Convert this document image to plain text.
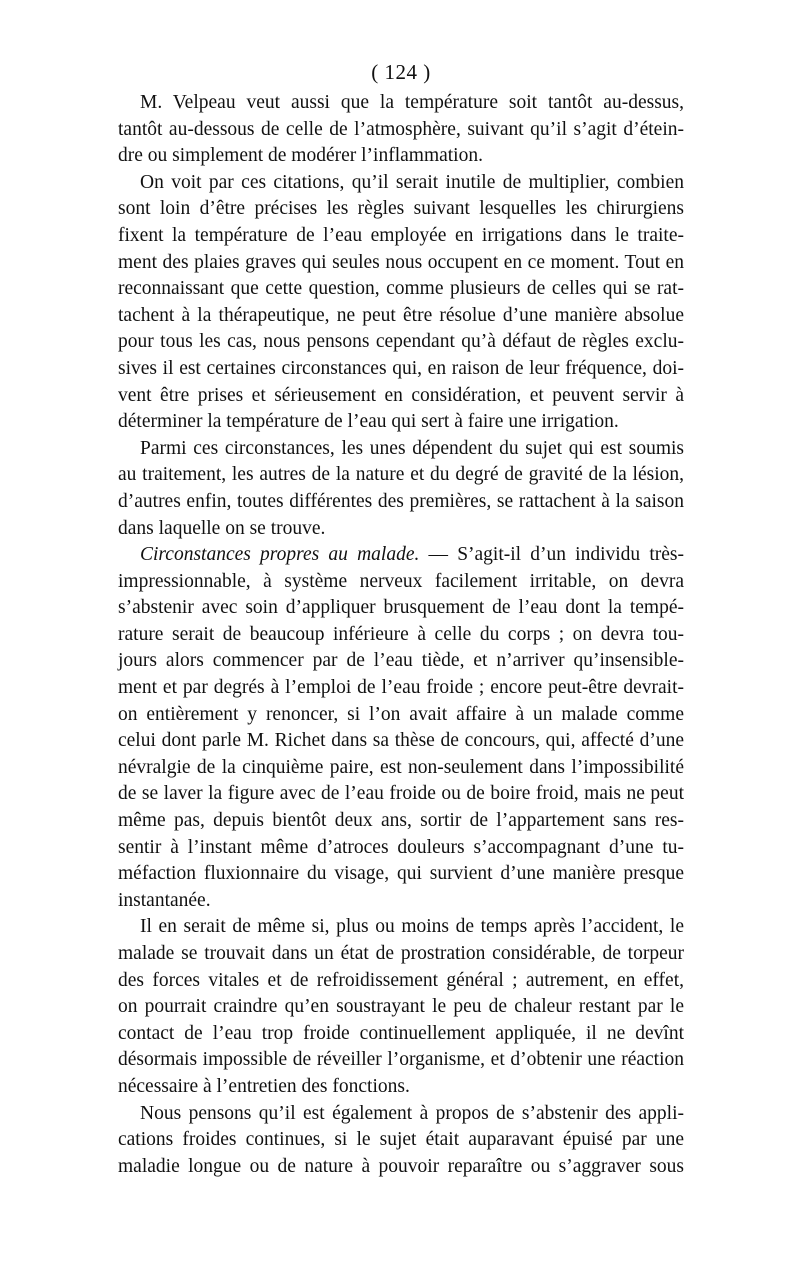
( 124 )

M. Velpeau veut aussi que la température soit tantôt au-dessus,
tantôt au-dessous de celle de l’atmosphère, suivant qu’il s’agit d’étein-
dre ou simplement de modérer l’inflammation.

On voit par ces citations, qu’il serait inutile de multiplier, combien
sont loin d’être précises les règles suivant lesquelles les chirurgiens
fixent la température de l’eau employée en irrigations dans le traite-
ment des plaies graves qui seules nous occupent en ce moment. Tout en
reconnaissant que cette question, comme plusieurs de celles qui se rat-
tachent à la thérapeutique, ne peut être résolue d’une manière absolue
pour tous les cas, nous pensons cependant qu’à défaut de règles exclu-
sives il est certaines circonstances qui, en raison de leur fréquence, doi-
vent être prises et sérieusement en considération, et peuvent servir à
déterminer la température de l’eau qui sert à faire une irrigation.

Parmi ces circonstances, les unes dépendent du sujet qui est soumis
au traitement, les autres de la nature et du degré de gravité de la lésion,
d’autres enfin, toutes différentes des premières, se rattachent à la saison
dans laquelle on se trouve.

Circonstances propres au malade. — S’agit-il d’un individu très-
impressionnable, à système nerveux facilement irritable, on devra
s’abstenir avec soin d’appliquer brusquement de l’eau dont la tempé-
rature serait de beaucoup inférieure à celle du corps ; on devra tou-
jours alors commencer par de l’eau tiède, et n’arriver qu’insensible-
ment et par degrés à l’emploi de l’eau froide ; encore peut-être devrait-
on entièrement y renoncer, si l’on avait affaire à un malade comme
celui dont parle M. Richet dans sa thèse de concours, qui, affecté d’une
névralgie de la cinquième paire, est non-seulement dans l’impossibilité
de se laver la figure avec de l’eau froide ou de boire froid, mais ne peut
même pas, depuis bientôt deux ans, sortir de l’appartement sans res-
sentir à l’instant même d’atroces douleurs s’accompagnant d’une tu-
méfaction fluxionnaire du visage, qui survient d’une manière presque
instantanée.

Il en serait de même si, plus ou moins de temps après l’accident, le
malade se trouvait dans un état de prostration considérable, de torpeur
des forces vitales et de refroidissement général ; autrement, en effet,
on pourrait craindre qu’en soustrayant le peu de chaleur restant par le
contact de l’eau trop froide continuellement appliquée, il ne devînt
désormais impossible de réveiller l’organisme, et d’obtenir une réaction
nécessaire à l’entretien des fonctions.

Nous pensons qu’il est également à propos de s’abstenir des appli-
cations froides continues, si le sujet était auparavant épuisé par une
maladie longue ou de nature à pouvoir reparaître ou s’aggraver sous
